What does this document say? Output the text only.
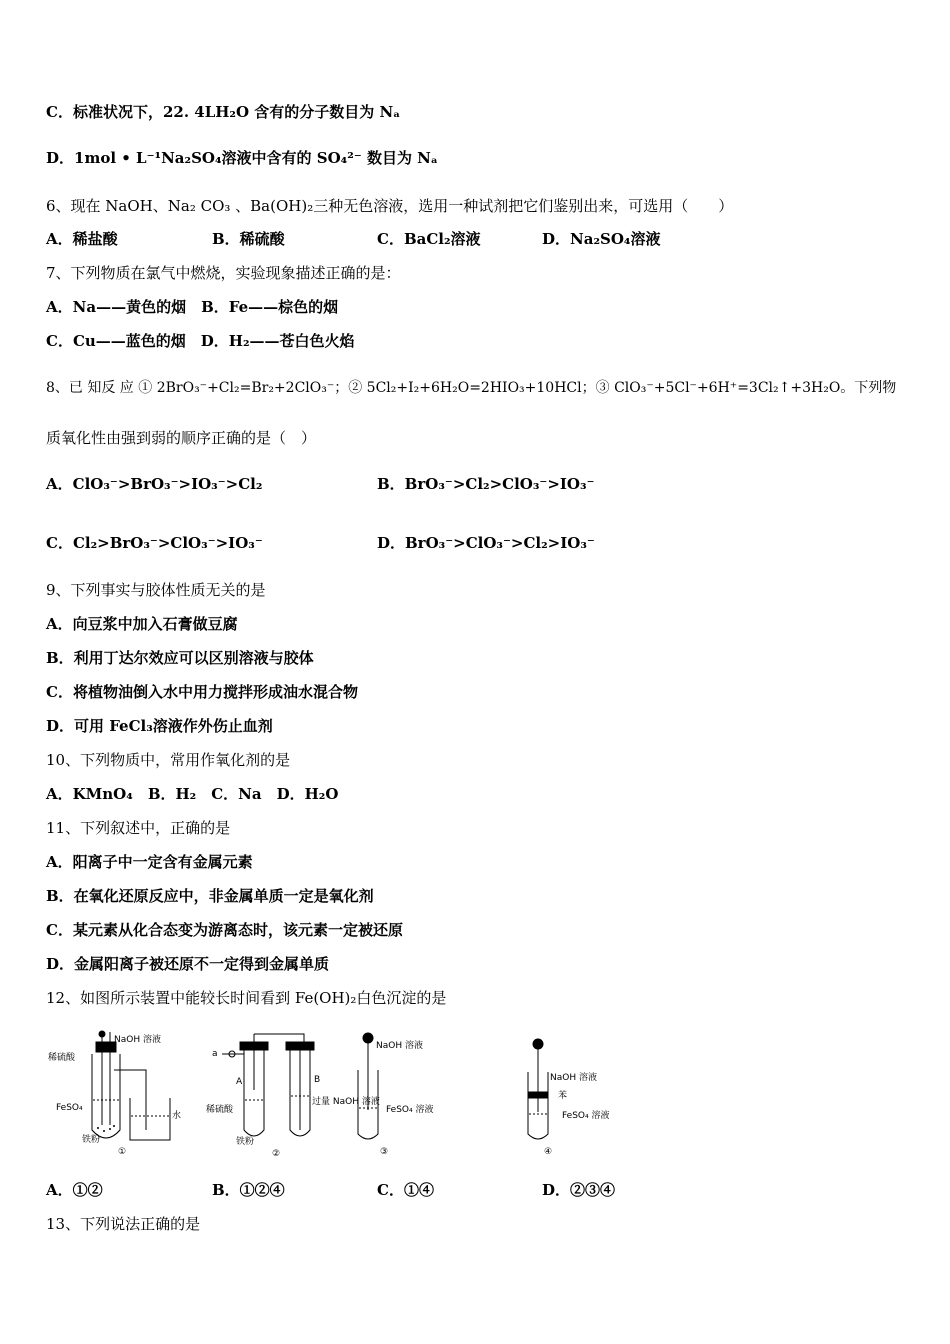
C．标准状况下，22. 4LH₂O 含有的分子数目为 Nₐ
D．1mol • L⁻¹Na₂SO₄溶液中含有的 SO₄²⁻ 数目为 Nₐ
6、现在 NaOH、Na₂ CO₃ 、Ba(OH)₂三种无色溶液，选用一种试剂把它们鉴别出来，可选用（　　）
A．稀盐酸	B．稀硫酸	C．BaCl₂溶液	D．Na₂SO₄溶液
7、下列物质在氯气中燃烧，实验现象描述正确的是：
A．Na——黄色的烟　B．Fe——棕色的烟
C．Cu——蓝色的烟　D．H₂——苍白色火焰
8、已 知反 应 ① 2BrO₃⁻+Cl₂=Br₂+2ClO₃⁻；② 5Cl₂+I₂+6H₂O=2HIO₃+10HCl；③ ClO₃⁻+5Cl⁻+6H⁺=3Cl₂↑+3H₂O。下列物
质氧化性由强到弱的顺序正确的是（　）
A．ClO₃⁻>BrO₃⁻>IO₃⁻>Cl₂	B．BrO₃⁻>Cl₂>ClO₃⁻>IO₃⁻
C．Cl₂>BrO₃⁻>ClO₃⁻>IO₃⁻	D．BrO₃⁻>ClO₃⁻>Cl₂>IO₃⁻
9、下列事实与胶体性质无关的是
A．向豆浆中加入石膏做豆腐
B．利用丁达尔效应可以区别溶液与胶体
C．将植物油倒入水中用力搅拌形成油水混合物
D．可用 FeCl₃溶液作外伤止血剂
10、下列物质中，常用作氧化剂的是
A．KMnO₄　B．H₂　C．Na　D．H₂O
11、下列叙述中，正确的是
A．阳离子中一定含有金属元素
B．在氧化还原反应中，非金属单质一定是氧化剂
C．某元素从化合态变为游离态时，该元素一定被还原
D．金属阳离子被还原不一定得到金属单质
12、如图所示装置中能较长时间看到 Fe(OH)₂白色沉淀的是
NaOH 溶液
稀硫酸
FeSO₄
水
铁粉
①
a
A	B
稀硫酸
过量 NaOH 溶液
铁粉
②
NaOH 溶液
FeSO₄ 溶液
③
NaOH 溶液
苯
FeSO₄ 溶液
④
A．①②	B．①②④	C．①④	D．②③④
13、下列说法正确的是
